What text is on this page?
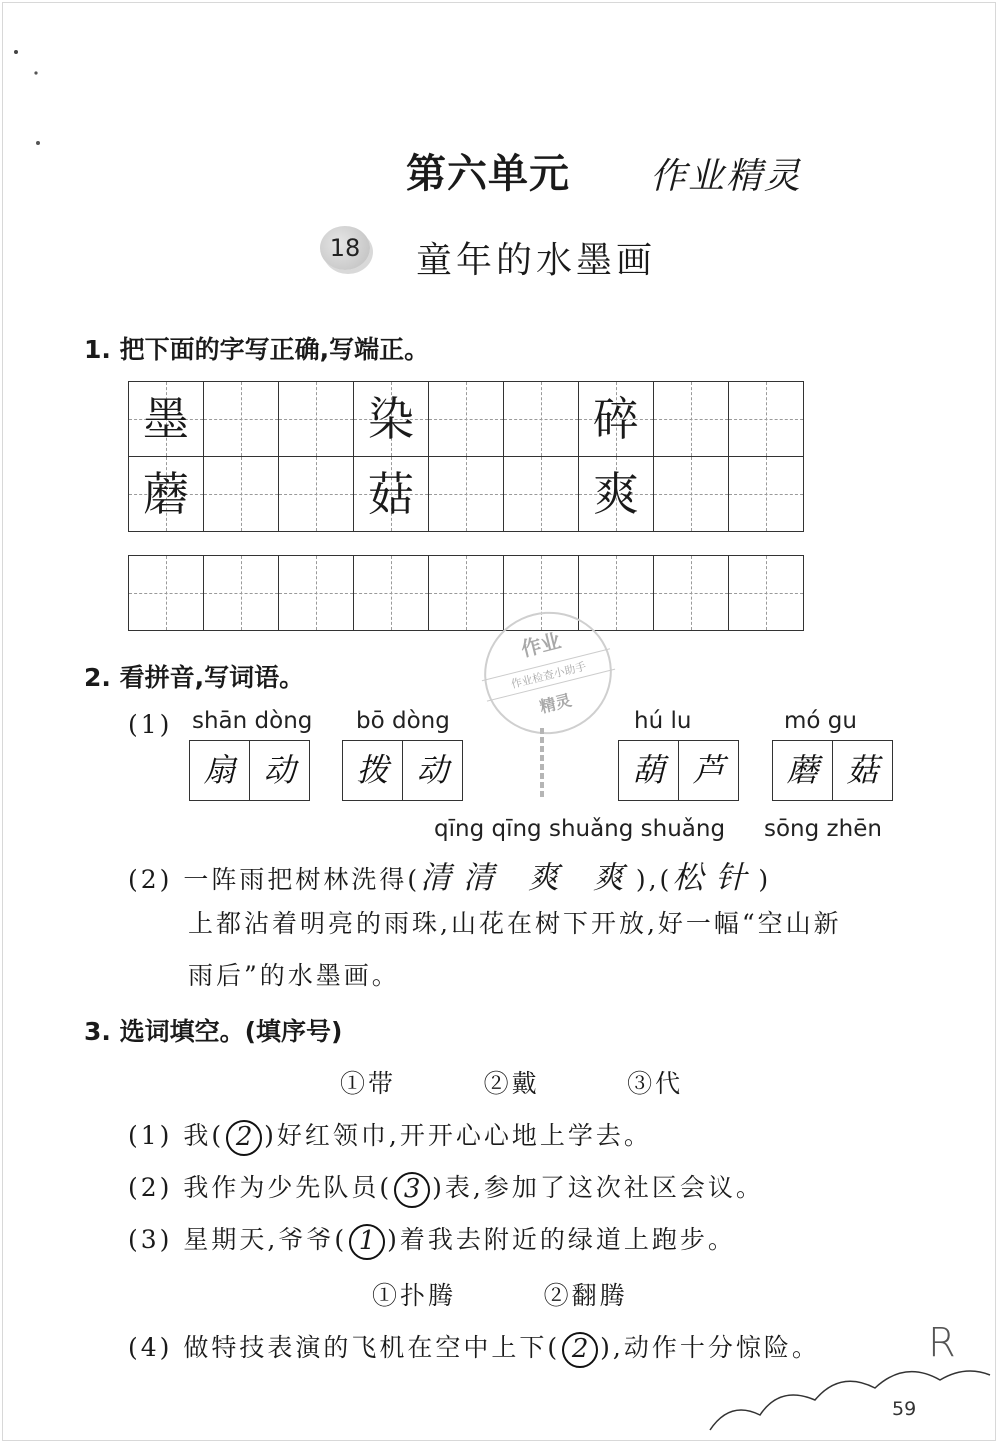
第六单元 作业精灵
18 童年的水墨画
1. 把下面的字写正确,写端正。
墨			染			碎		

蘑			菇			爽		

作业
作业检查小助手
精灵
2. 看拼音,写词语。
(1) shān dòng
扇 动
bō dòng
拨 动
hú lu
葫 芦
mó gu
蘑 菇
qīng qīng shuǎng shuǎng sōng zhēn
(2) 一阵雨把树林洗得(清清 爽 爽),(松针)
上都沾着明亮的雨珠,山花在树下开放,好一幅“空山新
雨后”的水墨画。
3. 选词填空。(填序号)
①带        ②戴        ③代
(1) 我( 2 )好红领巾,开开心心地上学去。
(2) 我作为少先队员( 3 )表,参加了这次社区会议。
(3) 星期天,爷爷( 1 )着我去附近的绿道上跑步。
①扑腾        ②翻腾
(4) 做特技表演的飞机在空中上下( 2 ),动作十分惊险。	R
59
